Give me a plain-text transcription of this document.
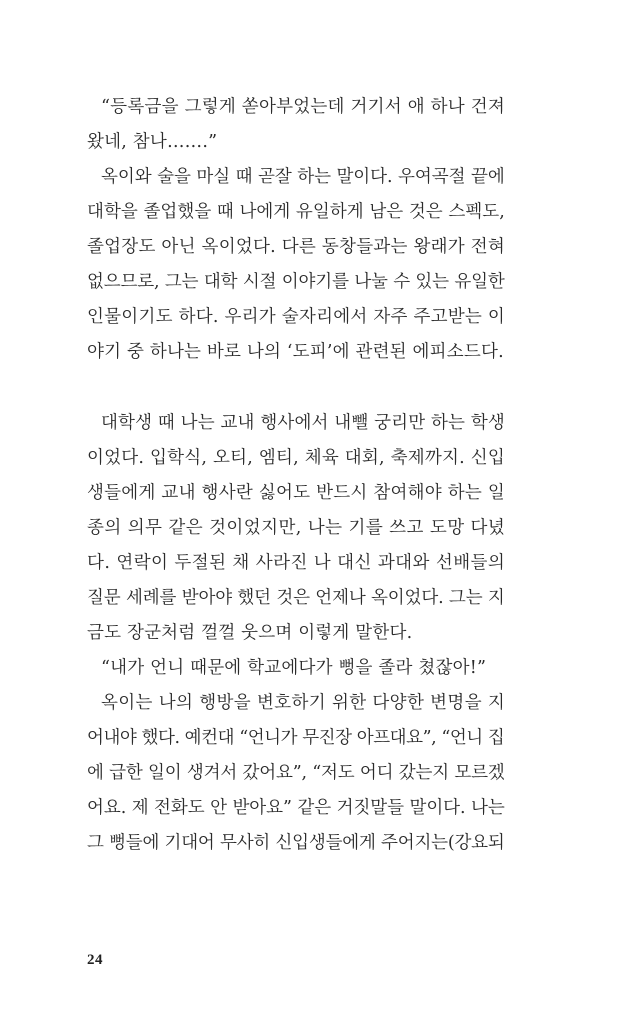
“등록금을 그렇게 쏟아부었는데 거기서 애 하나 건져
왔네, 참나…….”
옥이와 술을 마실 때 곧잘 하는 말이다. 우여곡절 끝에
대학을 졸업했을 때 나에게 유일하게 남은 것은 스펙도,
졸업장도 아닌 옥이었다. 다른 동창들과는 왕래가 전혀
없으므로, 그는 대학 시절 이야기를 나눌 수 있는 유일한
인물이기도 하다. 우리가 술자리에서 자주 주고받는 이
야기 중 하나는 바로 나의 ‘도피’에 관련된 에피소드다.
대학생 때 나는 교내 행사에서 내뺄 궁리만 하는 학생
이었다. 입학식, 오티, 엠티, 체육 대회, 축제까지. 신입
생들에게 교내 행사란 싫어도 반드시 참여해야 하는 일
종의 의무 같은 것이었지만, 나는 기를 쓰고 도망 다녔
다. 연락이 두절된 채 사라진 나 대신 과대와 선배들의
질문 세례를 받아야 했던 것은 언제나 옥이었다. 그는 지
금도 장군처럼 껄껄 웃으며 이렇게 말한다.
“내가 언니 때문에 학교에다가 뻥을 졸라 쳤잖아!”
옥이는 나의 행방을 변호하기 위한 다양한 변명을 지
어내야 했다. 예컨대 “언니가 무진장 아프대요”, “언니 집
에 급한 일이 생겨서 갔어요”, “저도 어디 갔는지 모르겠
어요. 제 전화도 안 받아요” 같은 거짓말들 말이다. 나는
그 뻥들에 기대어 무사히 신입생들에게 주어지는(강요되
24
